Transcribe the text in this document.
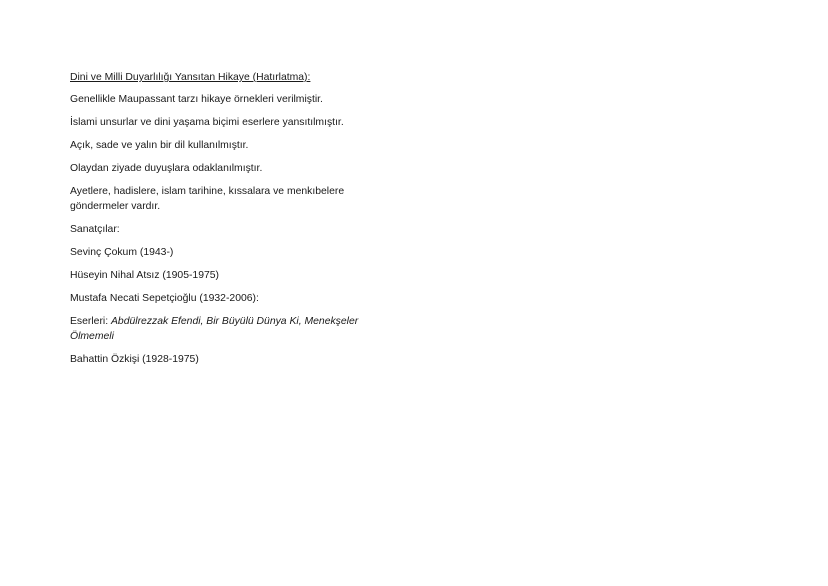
Dini ve Milli Duyarlılığı Yansıtan Hikaye (Hatırlatma):
Genellikle Maupassant tarzı hikaye örnekleri verilmiştir.
İslami unsurlar ve dini yaşama biçimi eserlere yansıtılmıştır.
Açık, sade ve yalın bir dil kullanılmıştır.
Olaydan ziyade duyuşlara odaklanılmıştır.
Ayetlere, hadislere, islam tarihine, kıssalara ve menkıbelere göndermeler vardır.
Sanatçılar:
Sevinç Çokum (1943-)
Hüseyin Nihal Atsız (1905-1975)
Mustafa Necati Sepetçioğlu (1932-2006):
Eserleri: Abdülrezzak Efendi, Bir Büyülü Dünya Ki, Menekşeler Ölmemeli
Bahattin Özkişi (1928-1975)
